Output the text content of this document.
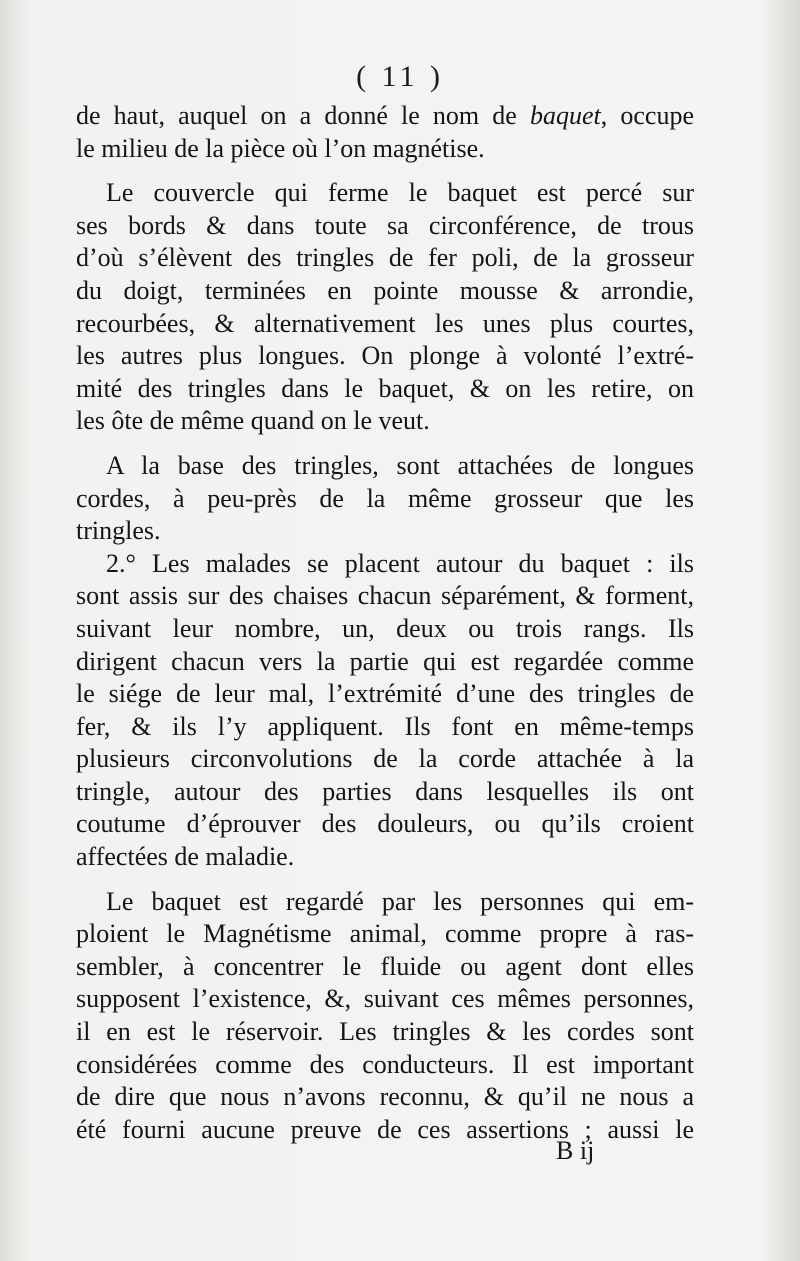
( 11 )
de haut, auquel on a donné le nom de baquet, occupe
le milieu de la pièce où l’on magnétise.
Le couvercle qui ferme le baquet est percé sur
ses bords & dans toute sa circonférence, de trous
d’où s’élèvent des tringles de fer poli, de la grosseur
du doigt, terminées en pointe mousse & arrondie,
recourbées, & alternativement les unes plus courtes,
les autres plus longues. On plonge à volonté l’extré-
mité des tringles dans le baquet, & on les retire, on
les ôte de même quand on le veut.
A la base des tringles, sont attachées de longues
cordes, à peu-près de la même grosseur que les
tringles.
2.° Les malades se placent autour du baquet : ils
sont assis sur des chaises chacun séparément, & forment,
suivant leur nombre, un, deux ou trois rangs. Ils
dirigent chacun vers la partie qui est regardée comme
le siége de leur mal, l’extrémité d’une des tringles de
fer, & ils l’y appliquent. Ils font en même-temps
plusieurs circonvolutions de la corde attachée à la
tringle, autour des parties dans lesquelles ils ont
coutume d’éprouver des douleurs, ou qu’ils croient
affectées de maladie.
Le baquet est regardé par les personnes qui em-
ploient le Magnétisme animal, comme propre à ras-
sembler, à concentrer le fluide ou agent dont elles
supposent l’existence, &, suivant ces mêmes personnes,
il en est le réservoir. Les tringles & les cordes sont
considérées comme des conducteurs. Il est important
de dire que nous n’avons reconnu, & qu’il ne nous a
été fourni aucune preuve de ces assertions ; aussi le
B ij
